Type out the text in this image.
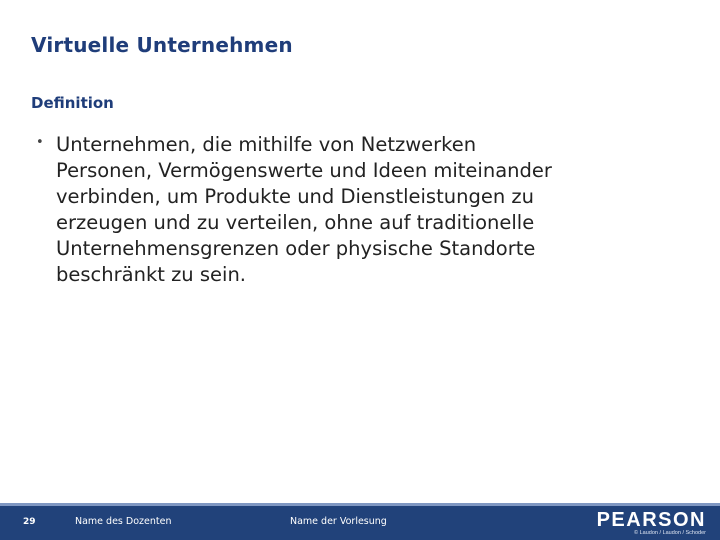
Virtuelle Unternehmen
Definition
• Unternehmen, die mithilfe von Netzwerken
Personen, Vermögenswerte und Ideen miteinander
verbinden, um Produkte und Dienstleistungen zu
erzeugen und zu verteilen, ohne auf traditionelle
Unternehmensgrenzen oder physische Standorte
beschränkt zu sein.
29	Name des Dozenten	Name der Vorlesung	PEARSON
© Laudon / Laudon / Schoder
